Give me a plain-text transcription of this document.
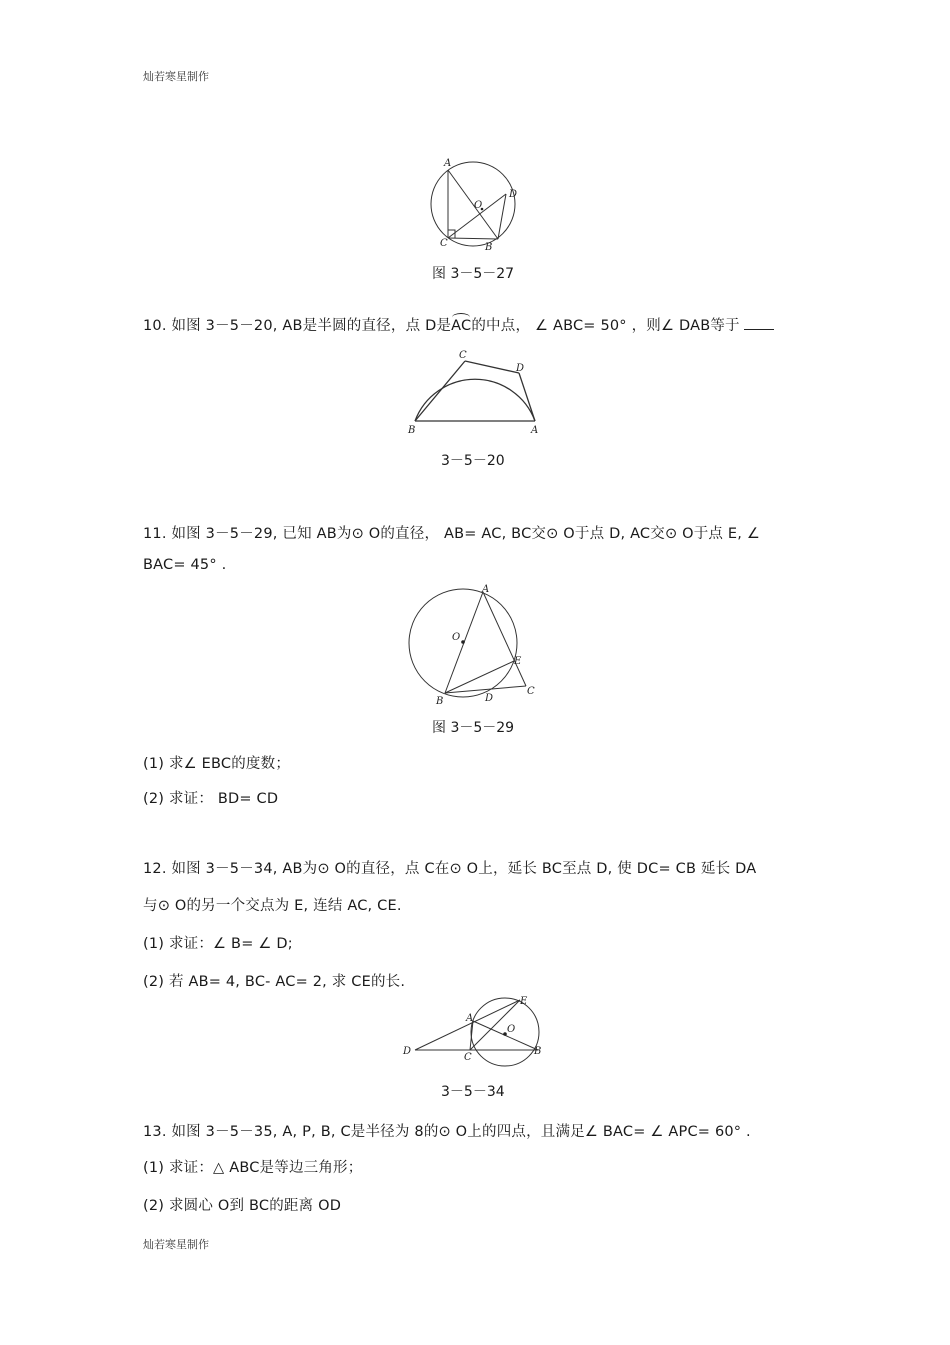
灿若寒星制作
A
O
D
C	B
图 3－5－27
10. 如图 3－5－20, AB是半圆的直径，点 D是AC的中点， ∠ ABC= 50° ，则∠ DAB等于
C
D
B	A
3－5－20
11. 如图 3－5－29, 已知 AB为⊙ O的直径， AB= AC, BC交⊙ O于点 D, AC交⊙ O于点 E, ∠
BAC= 45° .
A
O
E
C
B	D
图 3－5－29
(1) 求∠ EBC的度数；
(2) 求证： BD= CD
12. 如图 3－5－34, AB为⊙ O的直径，点 C在⊙ O上，延长 BC至点 D, 使 DC= CB 延长 DA
与⊙ O的另一个交点为 E, 连结 AC, CE.
(1) 求证：∠ B= ∠ D;
(2) 若 AB= 4, BC- AC= 2, 求 CE的长.
E
A
O
D
C
B
3－5－34
13. 如图 3－5－35, A, P, B, C是半径为 8的⊙ O上的四点，且满足∠ BAC= ∠ APC= 60° .
(1) 求证：△ ABC是等边三角形；
(2) 求圆心 O到 BC的距离 OD
灿若寒星制作
